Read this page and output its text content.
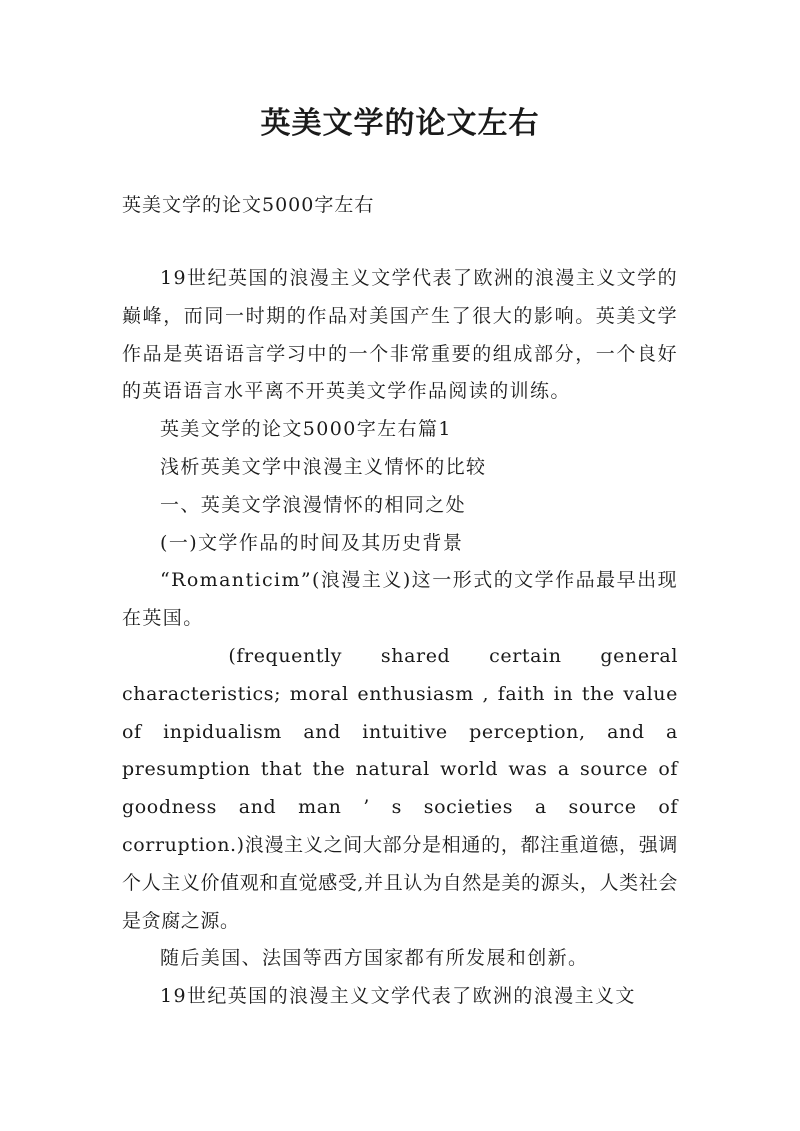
英美文学的论文左右
英美文学的论文5000字左右

19世纪英国的浪漫主义文学代表了欧洲的浪漫主义文学的巅峰，而同一时期的作品对美国产生了很大的影响。英美文学作品是英语语言学习中的一个非常重要的组成部分，一个良好的英语语言水平离不开英美文学作品阅读的训练。

英美文学的论文5000字左右篇1

浅析英美文学中浪漫主义情怀的比较

一、英美文学浪漫情怀的相同之处

(一)文学作品的时间及其历史背景

“Romanticim”(浪漫主义)这一形式的文学作品最早出现在英国。

(frequently shared certain general characteristics; moral enthusiasm , faith in the value of inpidualism and intuitive perception, and a presumption that the natural world was a source of goodness and man ’ s societies a source of corruption.)浪漫主义之间大部分是相通的，都注重道德，强调个人主义价值观和直觉感受,并且认为自然是美的源头，人类社会是贪腐之源。

随后美国、法国等西方国家都有所发展和创新。

19世纪英国的浪漫主义文学代表了欧洲的浪漫主义文
